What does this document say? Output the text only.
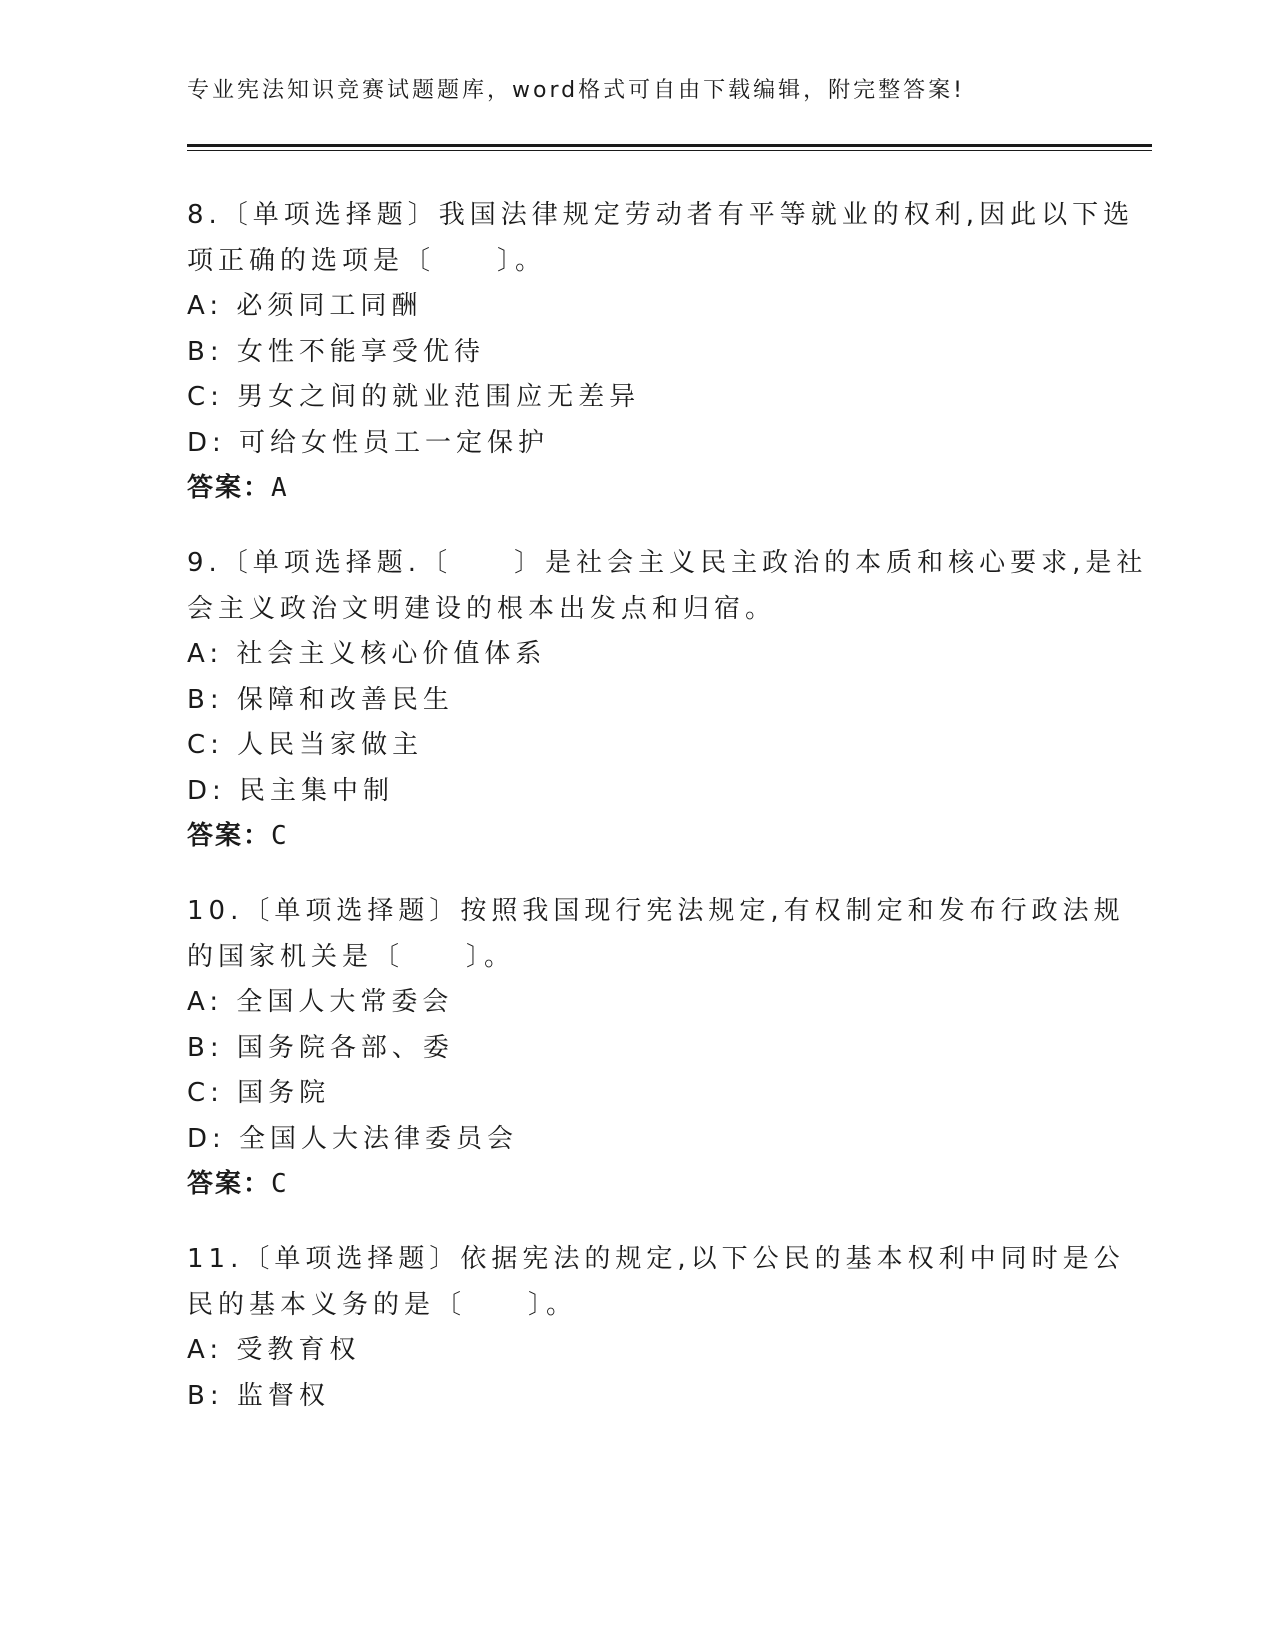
专业宪法知识竞赛试题题库，word格式可自由下载编辑，附完整答案!
8.〔单项选择题〕我国法律规定劳动者有平等就业的权利,因此以下选
项正确的选项是〔　　〕。
A: 必须同工同酬
B: 女性不能享受优待
C: 男女之间的就业范围应无差异
D: 可给女性员工一定保护
答案：A
9.〔单项选择题.〔　　〕是社会主义民主政治的本质和核心要求,是社
会主义政治文明建设的根本出发点和归宿。
A: 社会主义核心价值体系
B: 保障和改善民生
C: 人民当家做主
D: 民主集中制
答案：C
10.〔单项选择题〕按照我国现行宪法规定,有权制定和发布行政法规
的国家机关是〔　　〕。
A: 全国人大常委会
B: 国务院各部、委
C: 国务院
D: 全国人大法律委员会
答案：C
11.〔单项选择题〕依据宪法的规定,以下公民的基本权利中同时是公
民的基本义务的是〔　　〕。
A: 受教育权
B: 监督权
